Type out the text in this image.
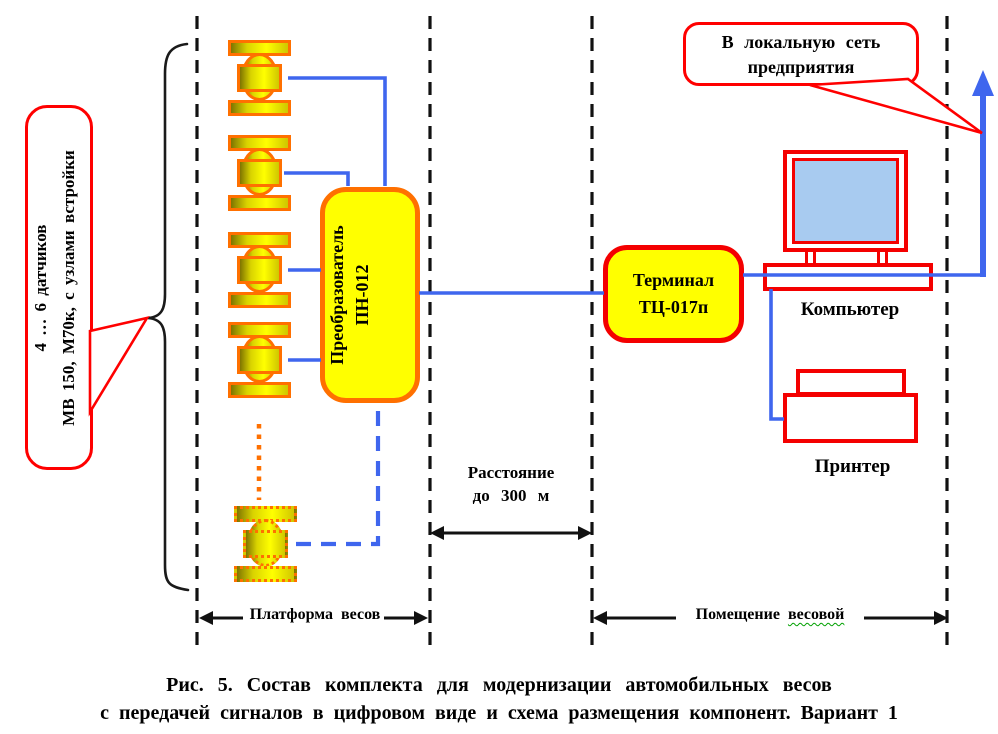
Преобразователь ПН-012	Терминал
ТЦ-017п	Компьютер
Принтер
В локальную сеть
предприятия
4 … 6 датчиков МВ 150, М70к, с узлами встройки
Расстояние
до 300 м
Платформа весов	Помещение весовой
Рис. 5. Состав комплекта для модернизации автомобильных весов
с передачей сигналов в цифровом виде и схема размещения компонент. Вариант 1
